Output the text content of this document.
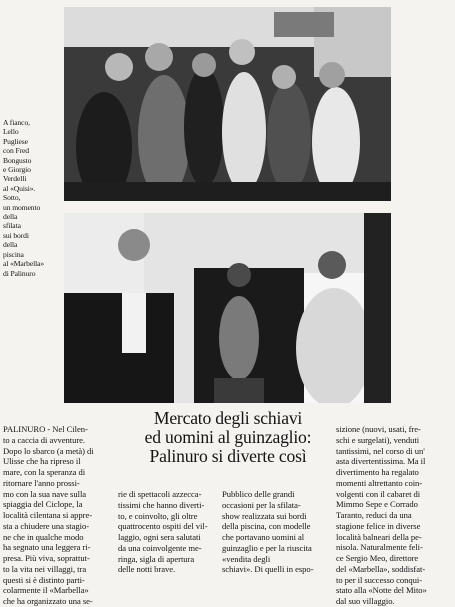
A fianco,
Lello
Pugliese
con Fred
Bongusto
e Giorgio
Verdelli
al «Quisi».
Sotto,
un momento
della
sfilata
sui bordi
della
piscina
al «Marbella»
di Palinuro
Mercato degli schiavi
ed uomini al guinzaglio:
Palinuro si diverte così
PALINURO - Nel Cilen-
to a caccia di avventure.
Dopo lo sbarco (a metà) di
Ulisse che ha ripreso il
mare, con la speranza di
ritornare l'anno prossi-
mo con la sua nave sulla
spiaggia del Ciclope, la
località cilentana si appre-
sta a chiudere una stagio-
ne che in qualche modo
ha segnato una leggera ri-
presa. Più viva, soprattut-
to la vita nei villaggi, tra
questi si è distinto parti-
colarmente il «Marbella»
che ha organizzato una se-
rie di spettacoli azzecca-
tissimi che hanno diverti-
to, e coinvolto, gli oltre
quattrocento ospiti del vil-
laggio, ogni sera salutati
da una coinvolgente me-
ringa, sigla di apertura
delle notti brave.
Pubblico delle grandi
occasioni per la sfilata-
show realizzata sui bordi
della piscina, con modelle
che portavano uomini al
guinzaglio e per la riuscita
«vendita degli
schiavi». Di quelli in espo-
sizione (nuovi, usati, fre-
schi e surgelati), venduti
tantissimi, nel corso di un'
asta divertentissima. Ma il
divertimento ha regalato
momenti altrettanto coin-
volgenti con il cabaret di
Mimmo Sepe e Corrado
Taranto, reduci da una
stagione felice in diverse
località balneari della pe-
nisola. Naturalmente feli-
ce Sergio Meo, direttore
del «Marbella», soddisfat-
to per il successo conqui-
stato alla «Notte del Mito»
dal suo villaggio.
